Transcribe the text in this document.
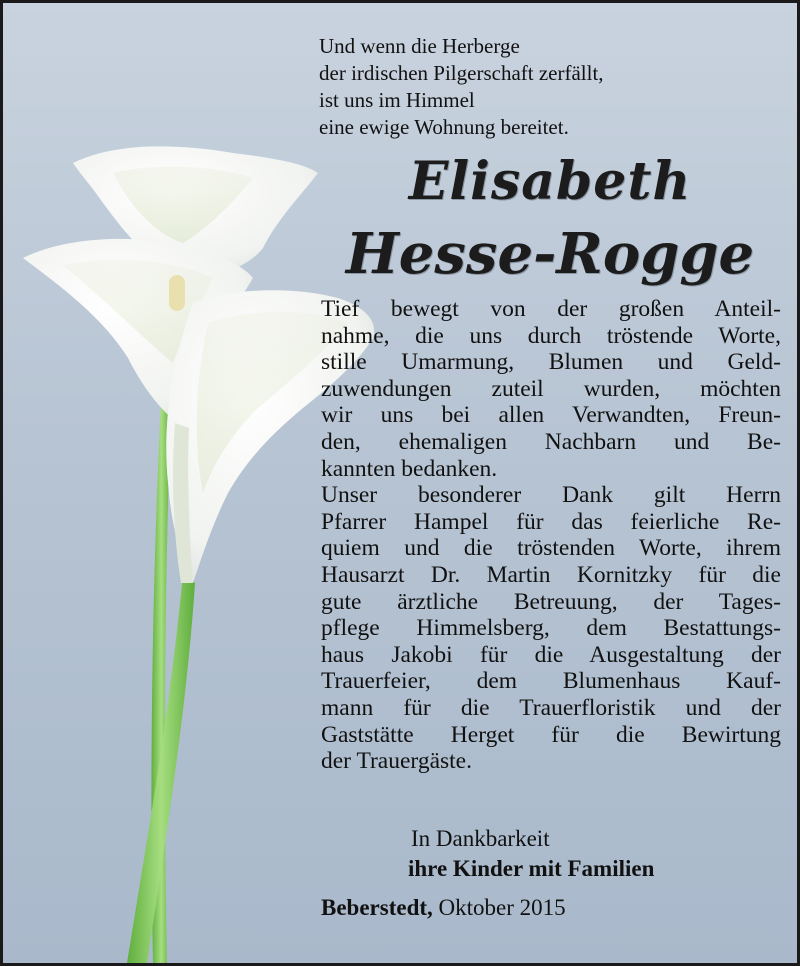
Und wenn die Herberge
der irdischen Pilgerschaft zerfällt,
ist uns im Himmel
eine ewige Wohnung bereitet.
Elisabeth
Hesse-Rogge
Tief bewegt von der großen Anteil-
nahme, die uns durch tröstende Worte,
stille Umarmung, Blumen und Geld-
zuwendungen zuteil wurden, möchten
wir uns bei allen Verwandten, Freun-
den, ehemaligen Nachbarn und Be-
kannten bedanken.
Unser besonderer Dank gilt Herrn
Pfarrer Hampel für das feierliche Re-
quiem und die tröstenden Worte, ihrem
Hausarzt Dr. Martin Kornitzky für die
gute ärztliche Betreuung, der Tages-
pflege Himmelsberg, dem Bestattungs-
haus Jakobi für die Ausgestaltung der
Trauerfeier, dem Blumenhaus Kauf-
mann für die Trauerfloristik und der
Gaststätte Herget für die Bewirtung
der Trauergäste.
In Dankbarkeit
ihre Kinder mit Familien
Beberstedt, Oktober 2015
